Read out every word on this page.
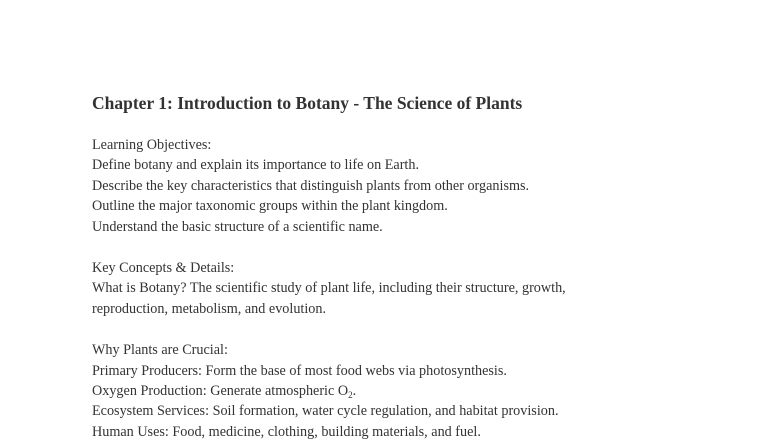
Chapter 1: Introduction to Botany - The Science of Plants
Learning Objectives:
Define botany and explain its importance to life on Earth.
Describe the key characteristics that distinguish plants from other organisms.
Outline the major taxonomic groups within the plant kingdom.
Understand the basic structure of a scientific name.
Key Concepts & Details:
What is Botany? The scientific study of plant life, including their structure, growth,
reproduction, metabolism, and evolution.
Why Plants are Crucial:
Primary Producers: Form the base of most food webs via photosynthesis.
Oxygen Production: Generate atmospheric $O_2$.
Ecosystem Services: Soil formation, water cycle regulation, and habitat provision.
Human Uses: Food, medicine, clothing, building materials, and fuel.
